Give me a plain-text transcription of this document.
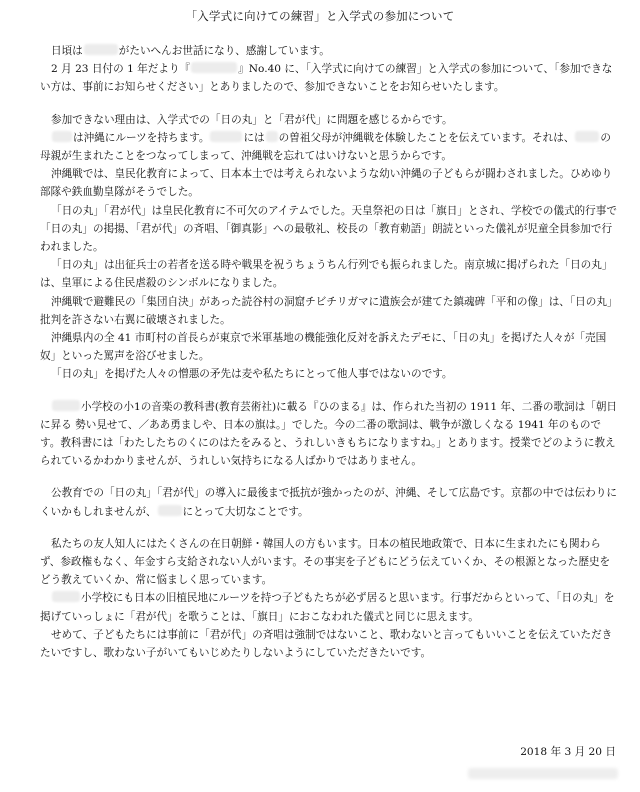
「入学式に向けての練習」と入学式の参加について

日頃は	がたいへんお世話になり、感謝しています。

2 月 23 日付の 1 年だより『	』No.40 に、「入学式に向けての練習」と入学式の参加について、「参加できない方は、事前にお知らせください」とありましたので、参加できないことをお知らせいたします。

参加できない理由は、入学式での「日の丸」と「君が代」に問題を感じるからです。

は沖縄にルーツを持ちます。	には の曽祖父母が沖縄戦を体験したことを伝えています。それは、 の母親が生まれたことをつなってしまって、沖縄戦を忘れてはいけないと思うからです。

沖縄戦では、皇民化教育によって、日本本土では考えられないような幼い沖縄の子どもらが闘わされました。ひめゆり部隊や鉄血勤皇隊がそうでした。

「日の丸」「君が代」は皇民化教育に不可欠のアイテムでした。天皇祭祀の日は「旗日」とされ、学校での儀式的行事で「日の丸」の掲揚、「君が代」の斉唱、「御真影」への最敬礼、校長の「教育勅語」朗読といった儀礼が児童全員参加で行われました。

「日の丸」は出征兵士の若者を送る時や戦果を祝うちょうちん行列でも振られました。南京城に掲げられた「日の丸」は、皇軍による住民虐殺のシンボルになりました。

沖縄戦で避難民の「集団自決」があった読谷村の洞窟チビチリガマに遺族会が建てた鎮魂碑「平和の像」は、「日の丸」批判を許さない右翼に破壊されました。

沖縄県内の全 41 市町村の首長らが東京で米軍基地の機能強化反対を訴えたデモに、「日の丸」を掲げた人々が「売国奴」といった罵声を浴びせました。

「日の丸」を掲げた人々の憎悪の矛先は麦や私たちにとって他人事ではないのです。

小学校の小1の音楽の教科書(教育芸術社)に載る『ひのまる』は、作られた当初の 1911 年、二番の歌詞は「朝日に昇る 勢い見せて、／ああ勇ましや、日本の旗は。」でした。今の二番の歌詞は、戦争が激しくなる 1941 年のものです。教科書には「わたしたちのくにのはたをみると、うれしいきもちになりますね。」とあります。授業でどのように教えられているかわかりませんが、うれしい気持ちになる人ばかりではありません。

公教育での「日の丸」「君が代」の導入に最後まで抵抗が強かったのが、沖縄、そして広島です。京都の中では伝わりにくいかもしれませんが、 にとって大切なことです。

私たちの友人知人にはたくさんの在日朝鮮・韓国人の方もいます。日本の植民地政策で、日本に生まれたにも関わらず、参政権もなく、年金すら支給されない人がいます。その事実を子どもにどう伝えていくか、その根源となった歴史をどう教えていくか、常に悩ましく思っています。

小学校にも日本の旧植民地にルーツを持つ子どもたちが必ず居ると思います。行事だからといって、「日の丸」を掲げていっしょに「君が代」を歌うことは、「旗日」におこなわれた儀式と同じに思えます。

せめて、子どもたちには事前に「君が代」の斉唱は強制ではないこと、歌わないと言ってもいいことを伝えていただきたいですし、歌わない子がいてもいじめたりしないようにしていただきたいです。

2018 年 3 月 20 日
